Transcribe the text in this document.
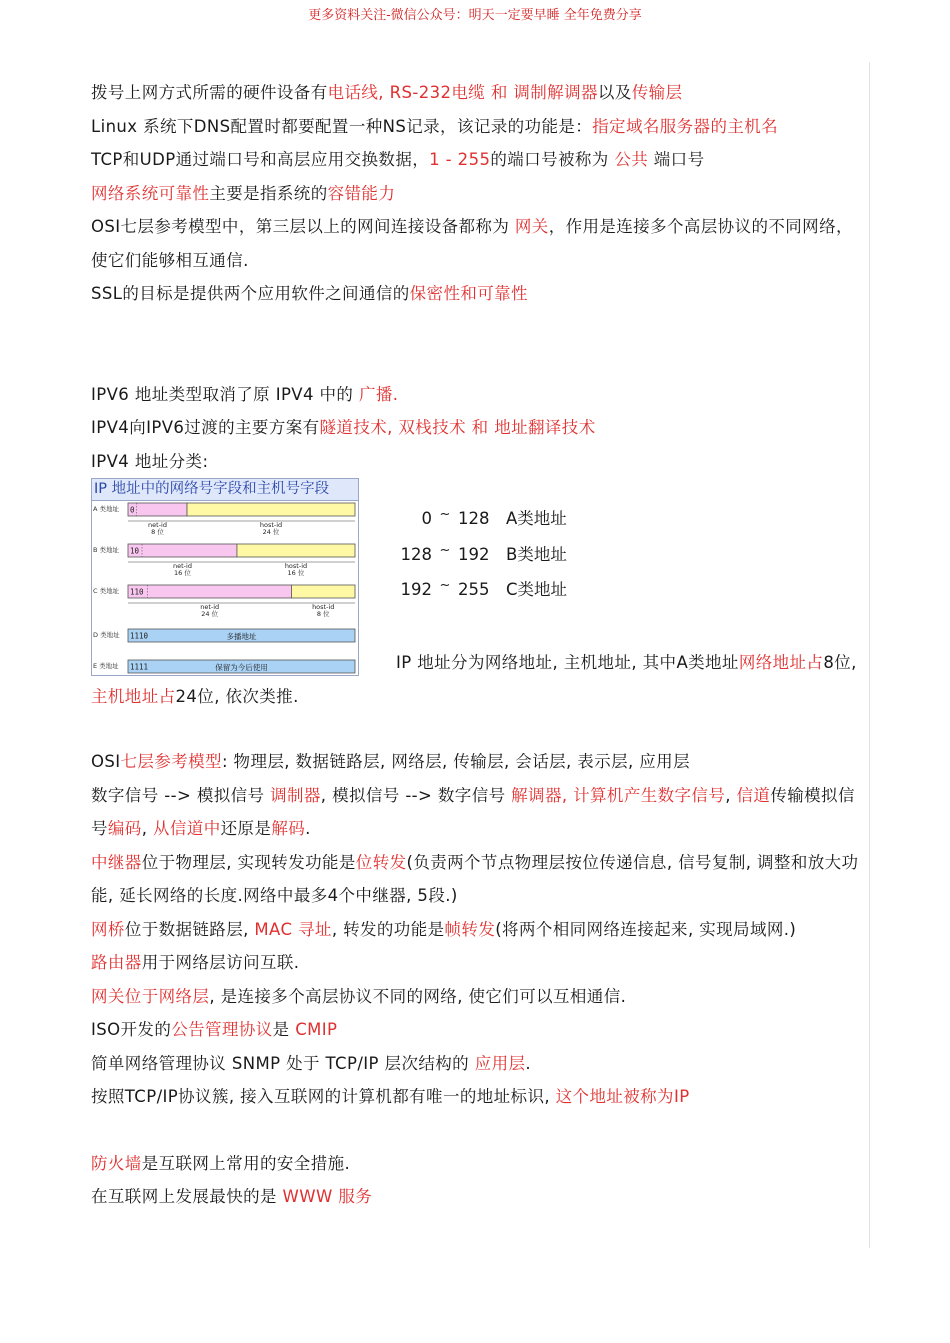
更多资料关注-微信公众号：明天一定要早睡 全年免费分享
拨号上网方式所需的硬件设备有电话线, RS-232电缆 和 调制解调器以及传输层
Linux 系统下DNS配置时都要配置一种NS记录，该记录的功能是：指定域名服务器的主机名
TCP和UDP通过端口号和高层应用交换数据，1 - 255的端口号被称为 公共 端口号
网络系统可靠性主要是指系统的容错能力
OSI七层参考模型中，第三层以上的网间连接设备都称为 网关，作用是连接多个高层协议的不同网络，使它们能够相互通信.
SSL的目标是提供两个应用软件之间通信的保密性和可靠性
IPV6 地址类型取消了原 IPV4 中的 广播.
IPV4向IPV6过渡的主要方案有隧道技术, 双栈技术 和 地址翻译技术
IPV4 地址分类:
IP 地址中的网络号字段和主机号字段
A 类地址 0
net-id
8 位
host-id
24 位
B 类地址 10
net-id
16 位
host-id
16 位
C 类地址 110
net-id
24 位
host-id
8 位
D 类地址 1110	多播地址
E 类地址 1111	保留为今后使用
0 ~ 128 A类地址
128 ~ 192 B类地址
192 ~ 255 C类地址
IP 地址分为网络地址, 主机地址, 其中A类地址网络地址占8位, 主机地址占24位, 依次类推.
OSI七层参考模型: 物理层, 数据链路层, 网络层, 传输层, 会话层, 表示层, 应用层
数字信号 --> 模拟信号 调制器, 模拟信号 --> 数字信号 解调器, 计算机产生数字信号, 信道传输模拟信号编码, 从信道中还原是解码.
中继器位于物理层, 实现转发功能是位转发(负责两个节点物理层按位传递信息, 信号复制, 调整和放大功能, 延长网络的长度.网络中最多4个中继器, 5段.)
网桥位于数据链路层, MAC 寻址, 转发的功能是帧转发(将两个相同网络连接起来, 实现局域网.)
路由器用于网络层访问互联.
网关位于网络层, 是连接多个高层协议不同的网络, 使它们可以互相通信.
ISO开发的公告管理协议是 CMIP
简单网络管理协议 SNMP 处于 TCP/IP 层次结构的 应用层.
按照TCP/IP协议簇, 接入互联网的计算机都有唯一的地址标识, 这个地址被称为IP
防火墙是互联网上常用的安全措施.
在互联网上发展最快的是 WWW 服务
